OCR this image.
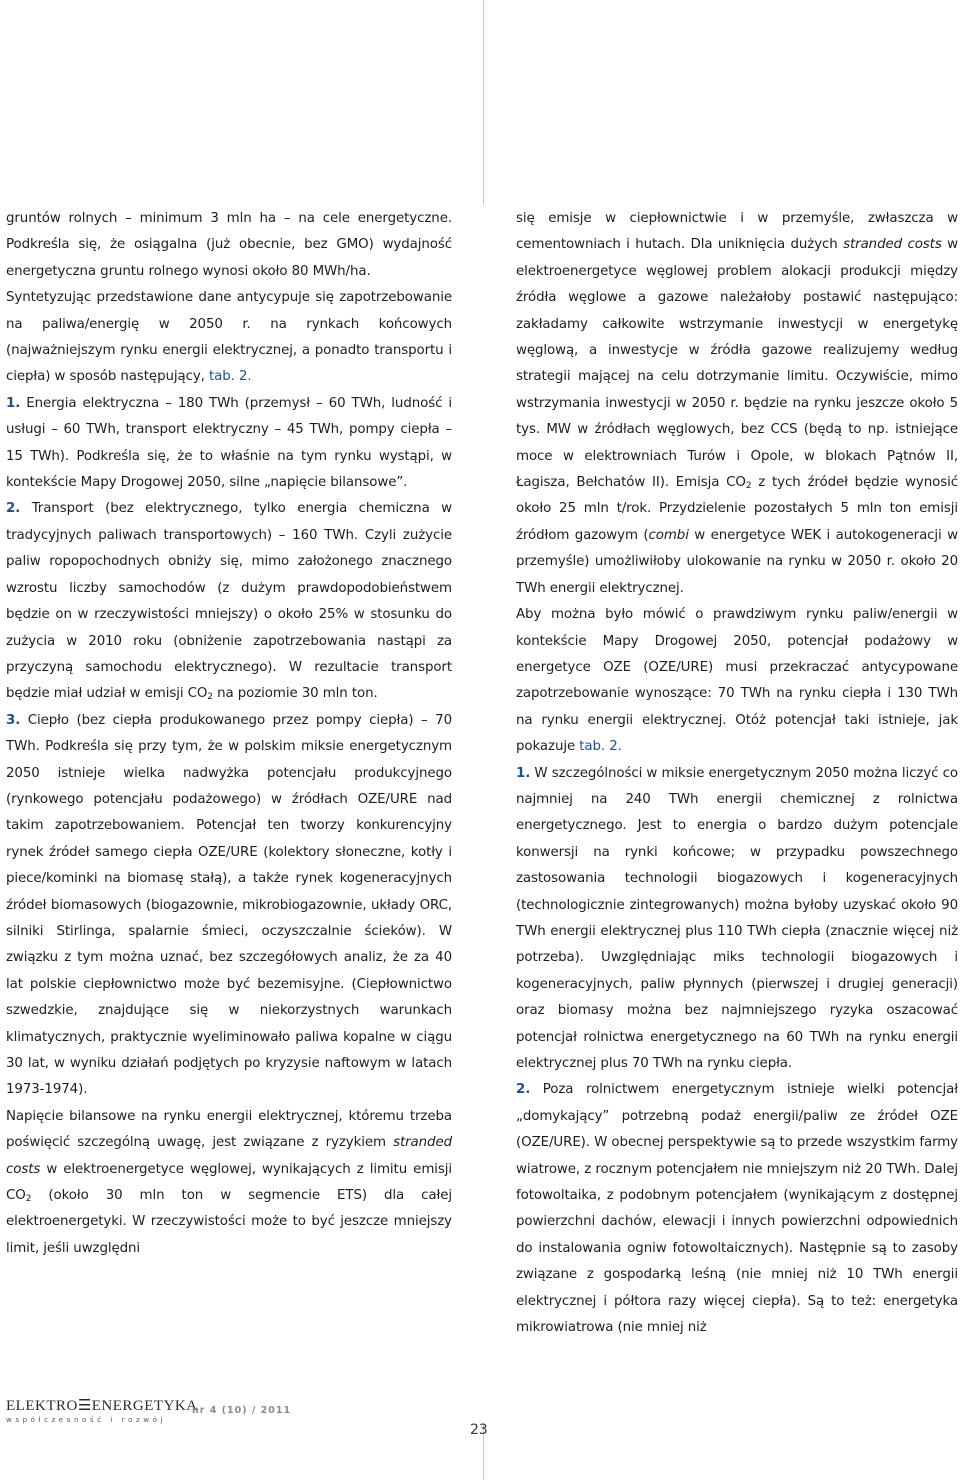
gruntów rolnych – minimum 3 mln ha – na cele energetyczne. Podkreśla się, że osiągalna (już obecnie, bez GMO) wydajność energetyczna gruntu rolnego wynosi około 80 MWh/ha.

Syntetyzując przedstawione dane antycypuje się zapotrzebowanie na paliwa/energię w 2050 r. na rynkach końcowych (najważniejszym rynku energii elektrycznej, a ponadto transportu i ciepła) w sposób następujący, tab. 2.

1. Energia elektryczna – 180 TWh (przemysł – 60 TWh, ludność i usługi – 60 TWh, transport elektryczny – 45 TWh, pompy ciepła – 15 TWh). Podkreśla się, że to właśnie na tym rynku wystąpi, w kontekście Mapy Drogowej 2050, silne „napięcie bilansowe”.

2. Transport (bez elektrycznego, tylko energia chemiczna w tradycyjnych paliwach transportowych) – 160 TWh. Czyli zużycie paliw ropopochodnych obniży się, mimo założonego znacznego wzrostu liczby samochodów (z dużym prawdopodobieństwem będzie on w rzeczywistości mniejszy) o około 25% w stosunku do zużycia w 2010 roku (obniżenie zapotrzebowania nastąpi za przyczyną samochodu elektrycznego). W rezultacie transport będzie miał udział w emisji $CO_2$ na poziomie 30 mln ton.

3. Ciepło (bez ciepła produkowanego przez pompy ciepła) – 70 TWh. Podkreśla się przy tym, że w polskim miksie energetycznym 2050 istnieje wielka nadwyżka potencjału produkcyjnego (rynkowego potencjału podażowego) w źródłach OZE/URE nad takim zapotrzebowaniem. Potencjał ten tworzy konkurencyjny rynek źródeł samego ciepła OZE/URE (kolektory słoneczne, kotły i piece/kominki na biomasę stałą), a także rynek kogeneracyjnych źródeł biomasowych (biogazownie, mikrobiogazownie, układy ORC, silniki Stirlinga, spalarnie śmieci, oczyszczalnie ścieków). W związku z tym można uznać, bez szczegółowych analiz, że za 40 lat polskie ciepłownictwo może być bezemisyjne. (Ciepłownictwo szwedzkie, znajdujące się w niekorzystnych warunkach klimatycznych, praktycznie wyeliminowało paliwa kopalne w ciągu 30 lat, w wyniku działań podjętych po kryzysie naftowym w latach 1973-1974).

Napięcie bilansowe na rynku energii elektrycznej, któremu trzeba poświęcić szczególną uwagę, jest związane z ryzykiem stranded costs w elektroenergetyce węglowej, wynikających z limitu emisji $CO_2$ (około 30 mln ton w segmencie ETS) dla całej elektroenergetyki. W rzeczywistości może to być jeszcze mniejszy limit, jeśli uwzględni

się emisje w ciepłownictwie i w przemyśle, zwłaszcza w cementowniach i hutach. Dla uniknięcia dużych stranded costs w elektroenergetyce węglowej problem alokacji produkcji między źródła węglowe a gazowe należałoby postawić następująco: zakładamy całkowite wstrzymanie inwestycji w energetykę węglową, a inwestycje w źródła gazowe realizujemy według strategii mającej na celu dotrzymanie limitu. Oczywiście, mimo wstrzymania inwestycji w 2050 r. będzie na rynku jeszcze około 5 tys. MW w źródłach węglowych, bez CCS (będą to np. istniejące moce w elektrowniach Turów i Opole, w blokach Pątnów II, Łagisza, Bełchatów II). Emisja $CO_2$ z tych źródeł będzie wynosić około 25 mln t/rok. Przydzielenie pozostałych 5 mln ton emisji źródłom gazowym (combi w energetyce WEK i autokogeneracji w przemyśle) umożliwiłoby ulokowanie na rynku w 2050 r. około 20 TWh energii elektrycznej.

Aby można było mówić o prawdziwym rynku paliw/energii w kontekście Mapy Drogowej 2050, potencjał podażowy w energetyce OZE (OZE/URE) musi przekraczać antycypowane zapotrzebowanie wynoszące: 70 TWh na rynku ciepła i 130 TWh na rynku energii elektrycznej. Otóż potencjał taki istnieje, jak pokazuje tab. 2.

1. W szczególności w miksie energetycznym 2050 można liczyć co najmniej na 240 TWh energii chemicznej z rolnictwa energetycznego. Jest to energia o bardzo dużym potencjale konwersji na rynki końcowe; w przypadku powszechnego zastosowania technologii biogazowych i kogeneracyjnych (technologicznie zintegrowanych) można byłoby uzyskać około 90 TWh energii elektrycznej plus 110 TWh ciepła (znacznie więcej niż potrzeba). Uwzględniając miks technologii biogazowych i kogeneracyjnych, paliw płynnych (pierwszej i drugiej generacji) oraz biomasy można bez najmniejszego ryzyka oszacować potencjał rolnictwa energetycznego na 60 TWh na rynku energii elektrycznej plus 70 TWh na rynku ciepła.

2. Poza rolnictwem energetycznym istnieje wielki potencjał „domykający” potrzebną podaż energii/paliw ze źródeł OZE (OZE/URE). W obecnej perspektywie są to przede wszystkim farmy wiatrowe, z rocznym potencjałem nie mniejszym niż 20 TWh. Dalej fotowoltaika, z podobnym potencjałem (wynikającym z dostępnej powierzchni dachów, elewacji i innych powierzchni odpowiednich do instalowania ogniw fotowoltaicznych). Następnie są to zasoby związane z gospodarką leśną (nie mniej niż 10 TWh energii elektrycznej i półtora razy więcej ciepła). Są to też: energetyka mikrowiatrowa (nie mniej niż

ELEKTRO☰ENERGETYKA
współczesność i rozwój
nr 4 (10) / 2011
23
